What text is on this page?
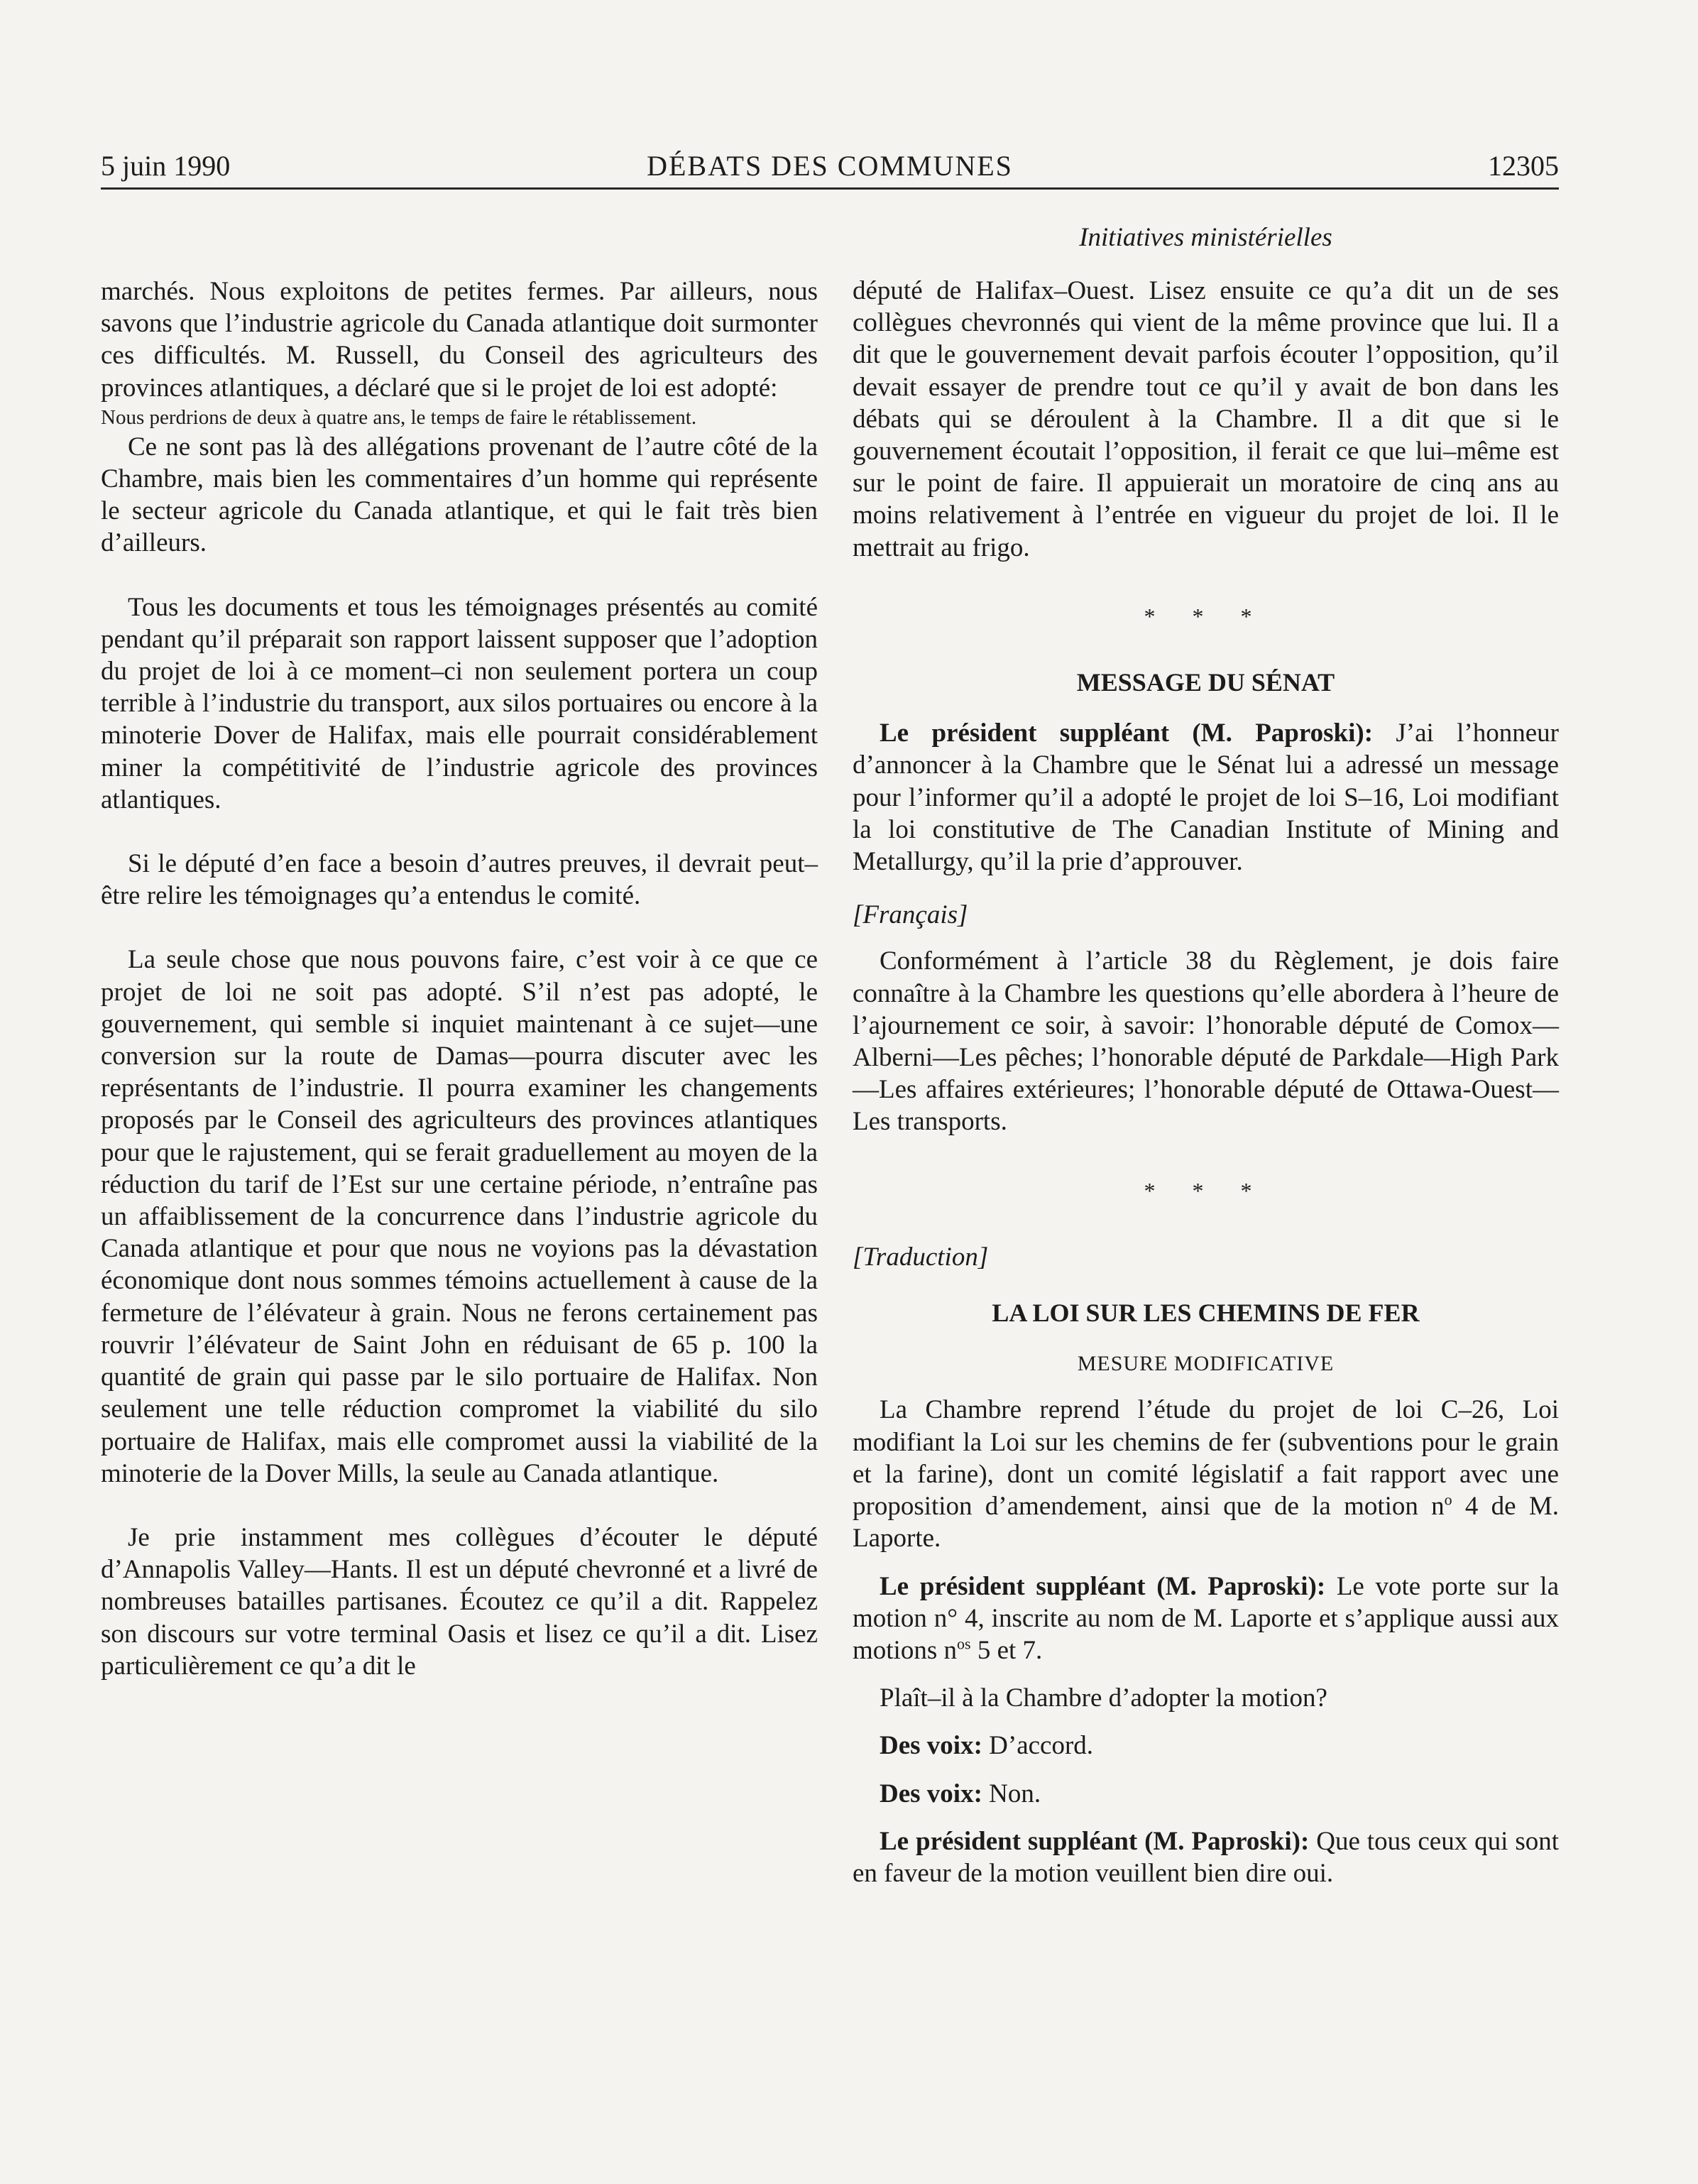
5 juin 1990	DÉBATS DES COMMUNES	12305

marchés. Nous exploitons de petites fermes. Par ailleurs, nous savons que l’industrie agricole du Canada atlantique doit surmonter ces difficultés. M. Russell, du Conseil des agriculteurs des provinces atlantiques, a déclaré que si le projet de loi est adopté:

Nous perdrions de deux à quatre ans, le temps de faire le rétablissement.

Ce ne sont pas là des allégations provenant de l’autre côté de la Chambre, mais bien les commentaires d’un homme qui représente le secteur agricole du Canada atlantique, et qui le fait très bien d’ailleurs.

Tous les documents et tous les témoignages présentés au comité pendant qu’il préparait son rapport laissent supposer que l’adoption du projet de loi à ce moment–ci non seulement portera un coup terrible à l’industrie du transport, aux silos portuaires ou encore à la minoterie Dover de Halifax, mais elle pourrait considérablement miner la compétitivité de l’industrie agricole des provinces atlantiques.

Si le député d’en face a besoin d’autres preuves, il devrait peut–être relire les témoignages qu’a entendus le comité.

La seule chose que nous pouvons faire, c’est voir à ce que ce projet de loi ne soit pas adopté. S’il n’est pas adopté, le gouvernement, qui semble si inquiet maintenant à ce sujet—une conversion sur la route de Damas—pourra discuter avec les représentants de l’industrie. Il pourra examiner les changements proposés par le Conseil des agriculteurs des provinces atlantiques pour que le rajustement, qui se ferait graduellement au moyen de la réduction du tarif de l’Est sur une certaine période, n’entraîne pas un affaiblissement de la concurrence dans l’industrie agricole du Canada atlantique et pour que nous ne voyions pas la dévastation économique dont nous sommes témoins actuellement à cause de la fermeture de l’élévateur à grain. Nous ne ferons certainement pas rouvrir l’élévateur de Saint John en réduisant de 65 p. 100 la quantité de grain qui passe par le silo portuaire de Halifax. Non seulement une telle réduction compromet la viabilité du silo portuaire de Halifax, mais elle compromet aussi la viabilité de la minoterie de la Dover Mills, la seule au Canada atlantique.

Je prie instamment mes collègues d’écouter le député d’Annapolis Valley—Hants. Il est un député chevronné et a livré de nombreuses batailles partisanes. Écoutez ce qu’il a dit. Rappelez son discours sur votre terminal Oasis et lisez ce qu’il a dit. Lisez particulièrement ce qu’a dit le

Initiatives ministérielles

député de Halifax–Ouest. Lisez ensuite ce qu’a dit un de ses collègues chevronnés qui vient de la même province que lui. Il a dit que le gouvernement devait parfois écouter l’opposition, qu’il devait essayer de prendre tout ce qu’il y avait de bon dans les débats qui se déroulent à la Chambre. Il a dit que si le gouvernement écoutait l’opposition, il ferait ce que lui–même est sur le point de faire. Il appuierait un moratoire de cinq ans au moins relativement à l’entrée en vigueur du projet de loi. Il le mettrait au frigo.

* * *
MESSAGE DU SÉNAT

Le président suppléant (M. Paproski): J’ai l’honneur d’annoncer à la Chambre que le Sénat lui a adressé un message pour l’informer qu’il a adopté le projet de loi S–16, Loi modifiant la loi constitutive de The Canadian Institute of Mining and Metallurgy, qu’il la prie d’approuver.

[Français]

Conformément à l’article 38 du Règlement, je dois faire connaître à la Chambre les questions qu’elle abordera à l’heure de l’ajournement ce soir, à savoir: l’honorable député de Comox—Alberni—Les pêches; l’honorable député de Parkdale—High Park—Les affaires extérieures; l’honorable député de Ottawa-Ouest—Les transports.

* * *
[Traduction]
LA LOI SUR LES CHEMINS DE FER
MESURE MODIFICATIVE

La Chambre reprend l’étude du projet de loi C–26, Loi modifiant la Loi sur les chemins de fer (subventions pour le grain et la farine), dont un comité législatif a fait rapport avec une proposition d’amendement, ainsi que de la motion $n^o$ 4 de M. Laporte.

Le président suppléant (M. Paproski): Le vote porte sur la motion n° 4, inscrite au nom de M. Laporte et s’applique aussi aux motions $n^{os}$ 5 et 7.

Plaît–il à la Chambre d’adopter la motion?

Des voix: D’accord.

Des voix: Non.

Le président suppléant (M. Paproski): Que tous ceux qui sont en faveur de la motion veuillent bien dire oui.
